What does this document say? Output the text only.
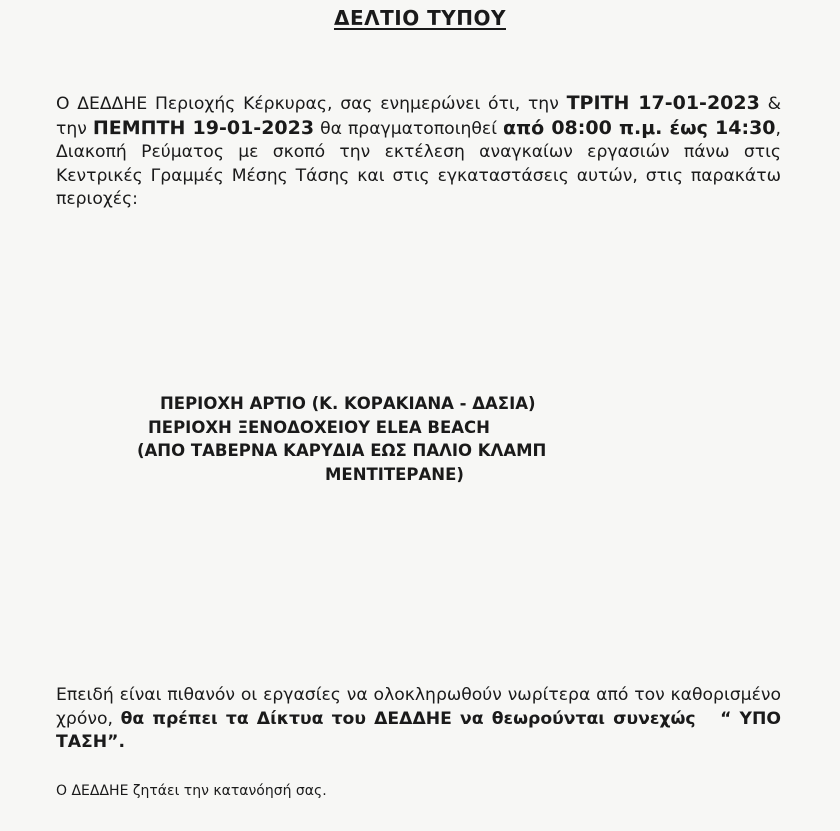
ΔΕΛΤΙΟ ΤΥΠΟΥ
Ο ΔΕΔΔΗΕ Περιοχής Κέρκυρας, σας ενημερώνει ότι, την ΤΡΙΤΗ 17-01-2023 & την ΠΕΜΠΤΗ 19-01-2023 θα πραγματοποιηθεί από 08:00 π.μ. έως 14:30, Διακοπή Ρεύματος με σκοπό την εκτέλεση αναγκαίων εργασιών πάνω στις Κεντρικές Γραμμές Μέσης Τάσης και στις εγκαταστάσεις αυτών, στις παρακάτω περιοχές:
ΠΕΡΙΟΧΗ ΑΡΤΙΟ (Κ. ΚΟΡΑΚΙΑΝΑ - ΔΑΣΙΑ)
ΠΕΡΙΟΧΗ ΞΕΝΟΔΟΧΕΙΟΥ ELEA BEACH
(ΑΠΟ ΤΑΒΕΡΝΑ ΚΑΡΥΔΙΑ ΕΩΣ ΠΑΛΙΟ ΚΛΑΜΠ
ΜΕΝΤΙΤΕΡΑΝΕ)
Επειδή είναι πιθανόν οι εργασίες να ολοκληρωθούν νωρίτερα από τον καθορισμένο χρόνο, θα πρέπει τα Δίκτυα του ΔΕΔΔΗΕ να θεωρούνται συνεχώς   “ ΥΠΟ ΤΑΣΗ”.
Ο ΔΕΔΔΗΕ ζητάει την κατανόησή σας.
